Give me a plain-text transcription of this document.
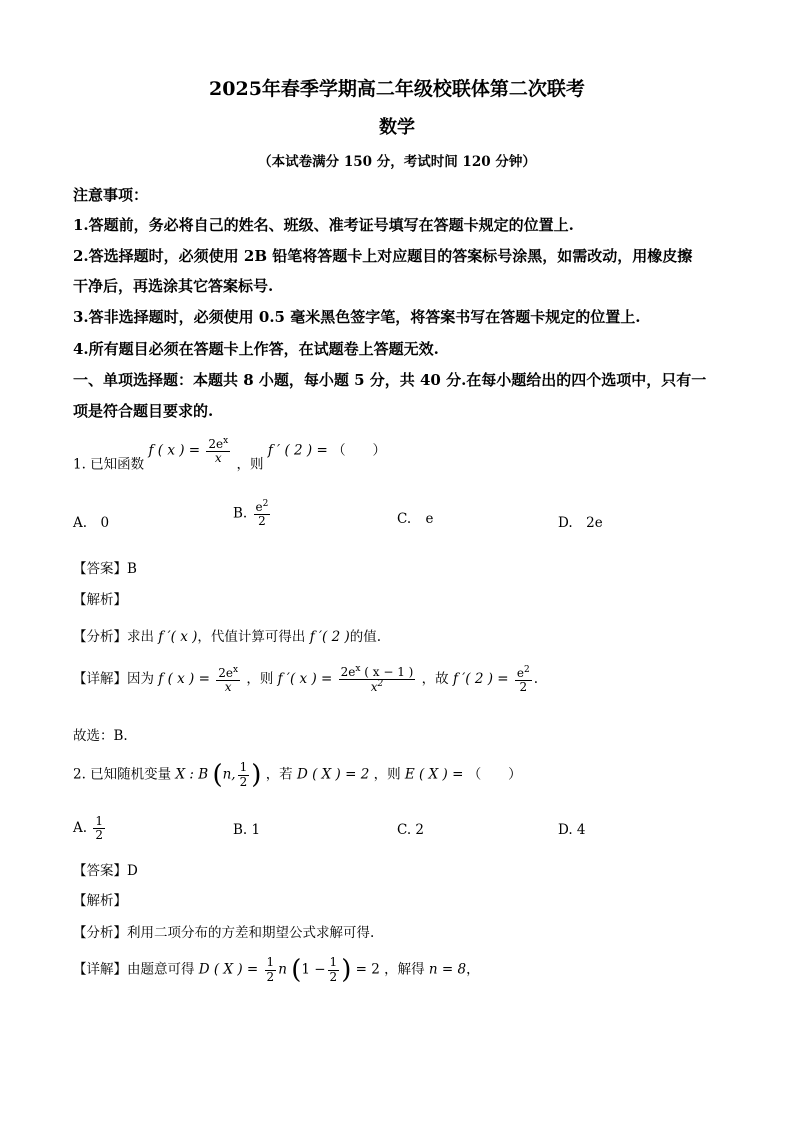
2025年春季学期高二年级校联体第二次联考
数学
（本试卷满分 150 分，考试时间 120 分钟）
注意事项：
1.答题前，务必将自己的姓名、班级、准考证号填写在答题卡规定的位置上.
2.答选择题时，必须使用 2B 铅笔将答题卡上对应题目的答案标号涂黑，如需改动，用橡皮擦
干净后，再选涂其它答案标号.
3.答非选择题时，必须使用 0.5 毫米黑色签字笔，将答案书写在答题卡规定的位置上.
4.所有题目必须在答题卡上作答，在试题卷上答题无效.
一、单项选择题：本题共 8 小题，每小题 5 分，共 40 分.在每小题给出的四个选项中，只有一
项是符合题目要求的.
1. 已知函数 f ( x ) = $\frac{2e^x}{x}$ ，则 f ′ ( 2 ) = （　　）
A.　0
B. $\frac{e^2}{2}$	C. e	D.　2e
【答案】B
【解析】
【分析】求出 f ′( x )，代值计算可得出 f ′( 2 )的值.
【详解】因为 f ( x ) = $\frac{2e^x}{x}$ ，则 f ′( x ) = $\frac{2e^x ( x - 1 )}{x^2}$ ，故 f ′( 2 ) = $\frac{e^2}{2}$ .
故选：B.
2. 已知随机变量 X : B (n, $\frac{1}{2}$ ) ，若 D ( X ) = 2 ，则 E ( X ) = （　　）
A. $\frac{1}{2}$	B. 1	C. 2	D. 4
【答案】D
【解析】
【分析】利用二项分布的方差和期望公式求解可得.
【详解】由题意可得 D ( X ) = $\frac{1}{2}$ n ($1 - \frac{1}{2}$ ) = 2 ，解得 n = 8，
